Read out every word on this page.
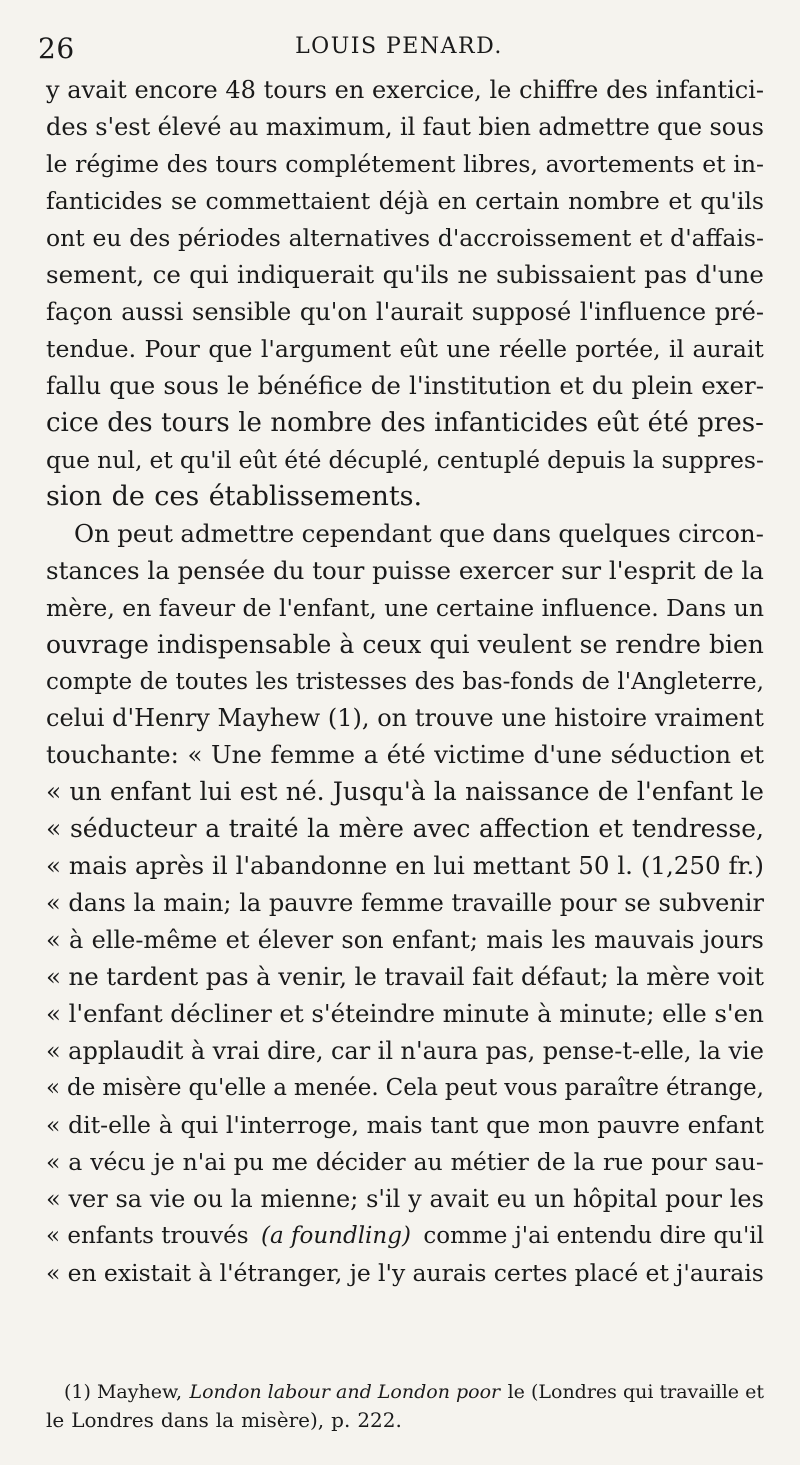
26	LOUIS PENARD.
y avait encore 48 tours en exercice, le chiffre des infantici-
des s'est élevé au maximum, il faut bien admettre que sous
le régime des tours complétement libres, avortements et in-
fanticides se commettaient déjà en certain nombre et qu'ils
ont eu des périodes alternatives d'accroissement et d'affais-
sement, ce qui indiquerait qu'ils ne subissaient pas d'une
façon aussi sensible qu'on l'aurait supposé l'influence pré-
tendue. Pour que l'argument eût une réelle portée, il aurait
fallu que sous le bénéfice de l'institution et du plein exer-
cice des tours le nombre des infanticides eût été pres-
que nul, et qu'il eût été décuplé, centuplé depuis la suppres-
sion de ces établissements.
On peut admettre cependant que dans quelques circon-
stances la pensée du tour puisse exercer sur l'esprit de la
mère, en faveur de l'enfant, une certaine influence. Dans un
ouvrage indispensable à ceux qui veulent se rendre bien
compte de toutes les tristesses des bas-fonds de l'Angleterre,
celui d'Henry Mayhew (1), on trouve une histoire vraiment
touchante: « Une femme a été victime d'une séduction et
« un enfant lui est né. Jusqu'à la naissance de l'enfant le
« séducteur a traité la mère avec affection et tendresse,
« mais après il l'abandonne en lui mettant 50 l. (1,250 fr.)
« dans la main; la pauvre femme travaille pour se subvenir
« à elle-même et élever son enfant; mais les mauvais jours
« ne tardent pas à venir, le travail fait défaut; la mère voit
« l'enfant décliner et s'éteindre minute à minute; elle s'en
« applaudit à vrai dire, car il n'aura pas, pense-t-elle, la vie
« de misère qu'elle a menée. Cela peut vous paraître étrange,
« dit-elle à qui l'interroge, mais tant que mon pauvre enfant
« a vécu je n'ai pu me décider au métier de la rue pour sau-
« ver sa vie ou la mienne; s'il y avait eu un hôpital pour les
« enfants trouvés (a foundling) comme j'ai entendu dire qu'il
« en existait à l'étranger, je l'y aurais certes placé et j'aurais
(1) Mayhew, London labour and London poor le (Londres qui travaille et
le Londres dans la misère), p. 222.
